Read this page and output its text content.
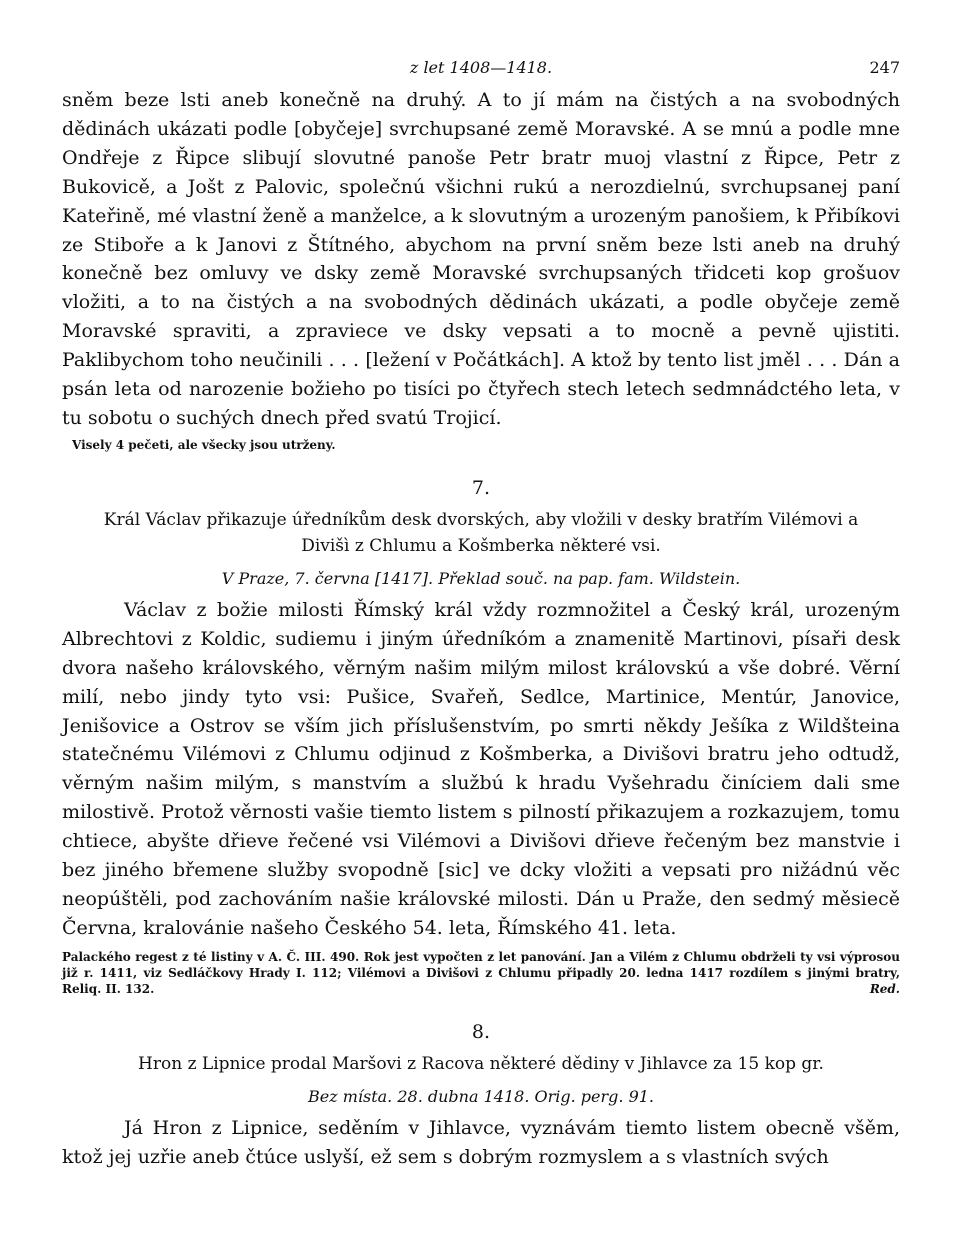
z let 1408—1418.	247

sněm beze lsti aneb konečně na druhý. A to jí mám na čistých a na svobodných dědinách ukázati podle [obyčeje] svrchupsané země Moravské. A se mnú a podle mne Ondřeje z Řipce slibují slovutné panoše Petr bratr muoj vlastní z Řipce, Petr z Bukovicě, a Jošt z Palovic, společnú všichni rukú a nerozdielnú, svrchupsanej paní Kateřině, mé vlastní ženě a manželce, a k slovutným a urozeným panošiem, k Přibíkovi ze Stiboře a k Janovi z Štítného, abychom na první sněm beze lsti aneb na druhý konečně bez omluvy ve dsky země Moravské svrchupsaných třidceti kop grošuov vložiti, a to na čistých a na svobodných dědinách ukázati, a podle obyčeje země Moravské spraviti, a zpraviece ve dsky vepsati a to mocně a pevně ujistiti. Paklibychom toho neučinili . . . [ležení v Počátkách]. A ktož by tento list jměl . . . Dán a psán leta od narozenie božieho po tisíci po čtyřech stech letech sedmnádctého leta, v tu sobotu o suchých dnech před svatú Trojicí.

Visely 4 pečeti, ale všecky jsou utrženy.
7.
Král Václav přikazuje úředníkům desk dvorských, aby vložili v desky bratřím Vilémovi a Divišì z Chlumu a Košmberka některé vsi.
V Praze, 7. června [1417]. Překlad souč. na pap. fam. Wildstein.

Václav z božie milosti Římský král vždy rozmnožitel a Český král, urozeným Albrechtovi z Koldic, sudiemu i jiným úředníkóm a znamenitě Martinovi, písaři desk dvora našeho královského, věrným našim milým milost královskú a vše dobré. Věrní milí, nebo jindy tyto vsi: Pušice, Svařeň, Sedlce, Martinice, Mentúr, Janovice, Jenišovice a Ostrov se vším jich příslušenstvím, po smrti někdy Ješíka z Wildšteina statečnému Vilémovi z Chlumu odjinud z Košmberka, a Divišovi bratru jeho odtudž, věrným našim milým, s manstvím a službú k hradu Vyšehradu činíciem dali sme milostivě. Protož věrnosti vašie tiemto listem s pilností přikazujem a rozkazujem, tomu chtiece, abyšte dřieve řečené vsi Vilémovi a Divišovi dřieve řečeným bez manstvie i bez jiného břemene služby svopodně [sic] ve dcky vložiti a vepsati pro nižádnú věc neopúštěli, pod zachováním našie královské milosti. Dán u Praže, den sedmý měsiecě Června, kralovánie našeho Českého 54. leta, Římského 41. leta.

Palackého regest z té listiny v A. Č. III. 490. Rok jest vypočten z let panování. Jan a Vilém z Chlumu obdrželi ty vsi výprosou již r. 1411, viz Sedláčkovy Hrady I. 112; Vilémovi a Divišovi z Chlumu připadly 20. ledna 1417 rozdílem s jinými bratry, Reliq. II. 132.	Red.
8.
Hron z Lipnice prodal Maršovi z Racova některé dědiny v Jihlavce za 15 kop gr.
Bez místa. 28. dubna 1418. Orig. perg. 91.

Já Hron z Lipnice, seděním v Jihlavce, vyznávám tiemto listem obecně všěm, ktož jej uzřie aneb čtúce uslyší, ež sem s dobrým rozmyslem a s vlastních svých
